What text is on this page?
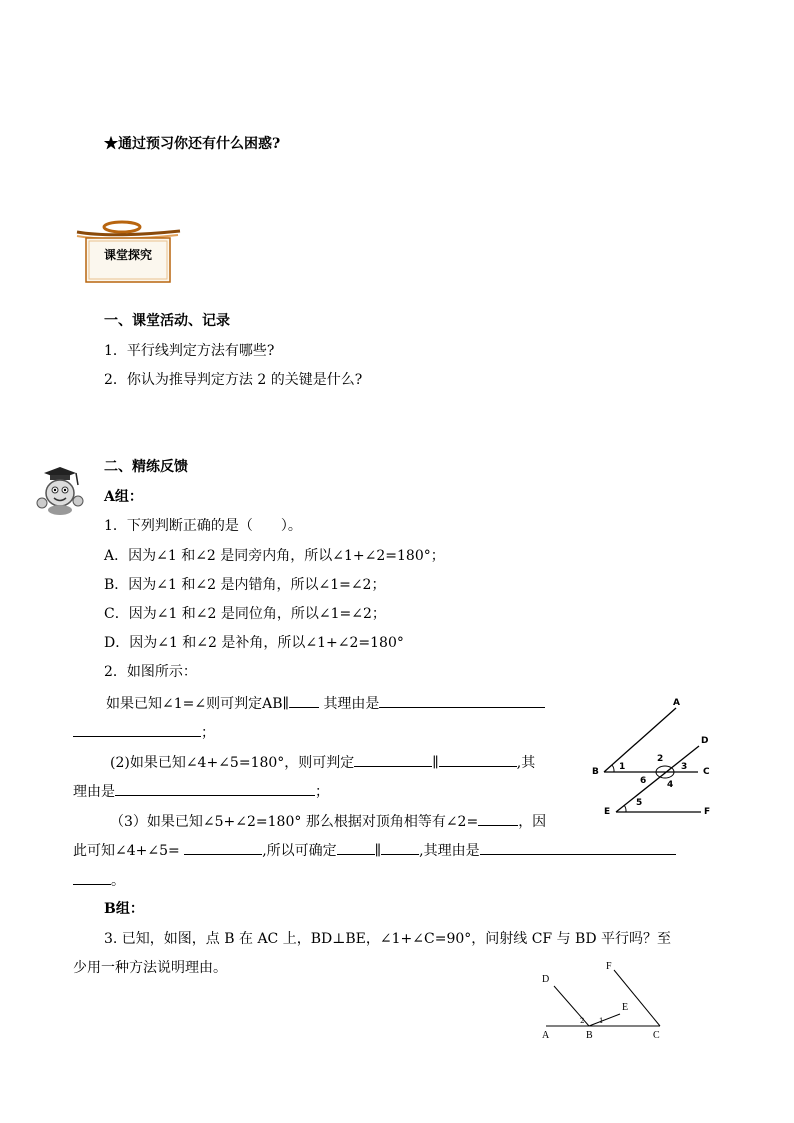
★通过预习你还有什么困惑?
课堂探究
一、课堂活动、记录
1．平行线判定方法有哪些?
2．你认为推导判定方法 2 的关键是什么?
二、精练反馈
A组：
1．下列判断正确的是（　　）。
A．因为∠1 和∠2 是同旁内角，所以∠1+∠2=180°；
B．因为∠1 和∠2 是内错角，所以∠1=∠2；
C．因为∠1 和∠2 是同位角，所以∠1=∠2；
D．因为∠1 和∠2 是补角，所以∠1+∠2=180°
2．如图所示：
如果已知∠1=∠则可判定AB∥ 其理由是
；
(2)如果已知∠4+∠5=180°，则可判定	∥	,其
理由是	；
（3）如果已知∠5+∠2=180° 那么根据对顶角相等有∠2=	，因
此可知∠4+∠5=	,所以可确定	∥	,其理由是
。
A
D
B	C
E	F
1
2
3
4
5
6
B组：
3. 已知，如图，点 B 在 AC 上，BD⊥BE，∠1+∠C=90°，问射线 CF 与 BD 平行吗？至
少用一种方法说明理由。
D
F
E
A	B	C
2 1
